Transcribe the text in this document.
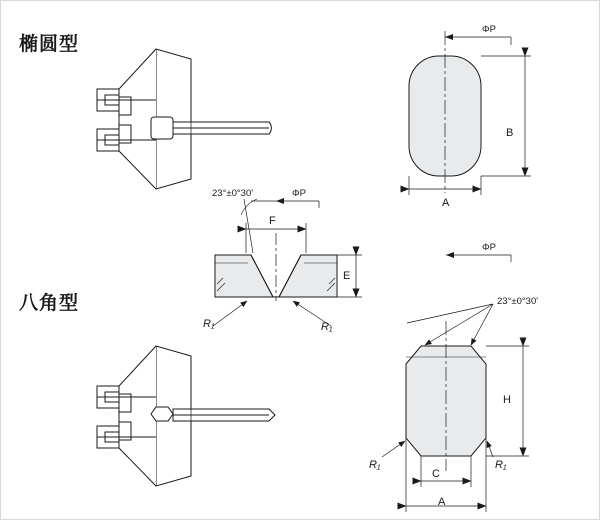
椭圆型
八角型
ΦP
B
A
23°±0°30'	ΦP
F
E
R₁	R₁
ΦP
23°±0°30'
H
C
A
R₁	R₁
